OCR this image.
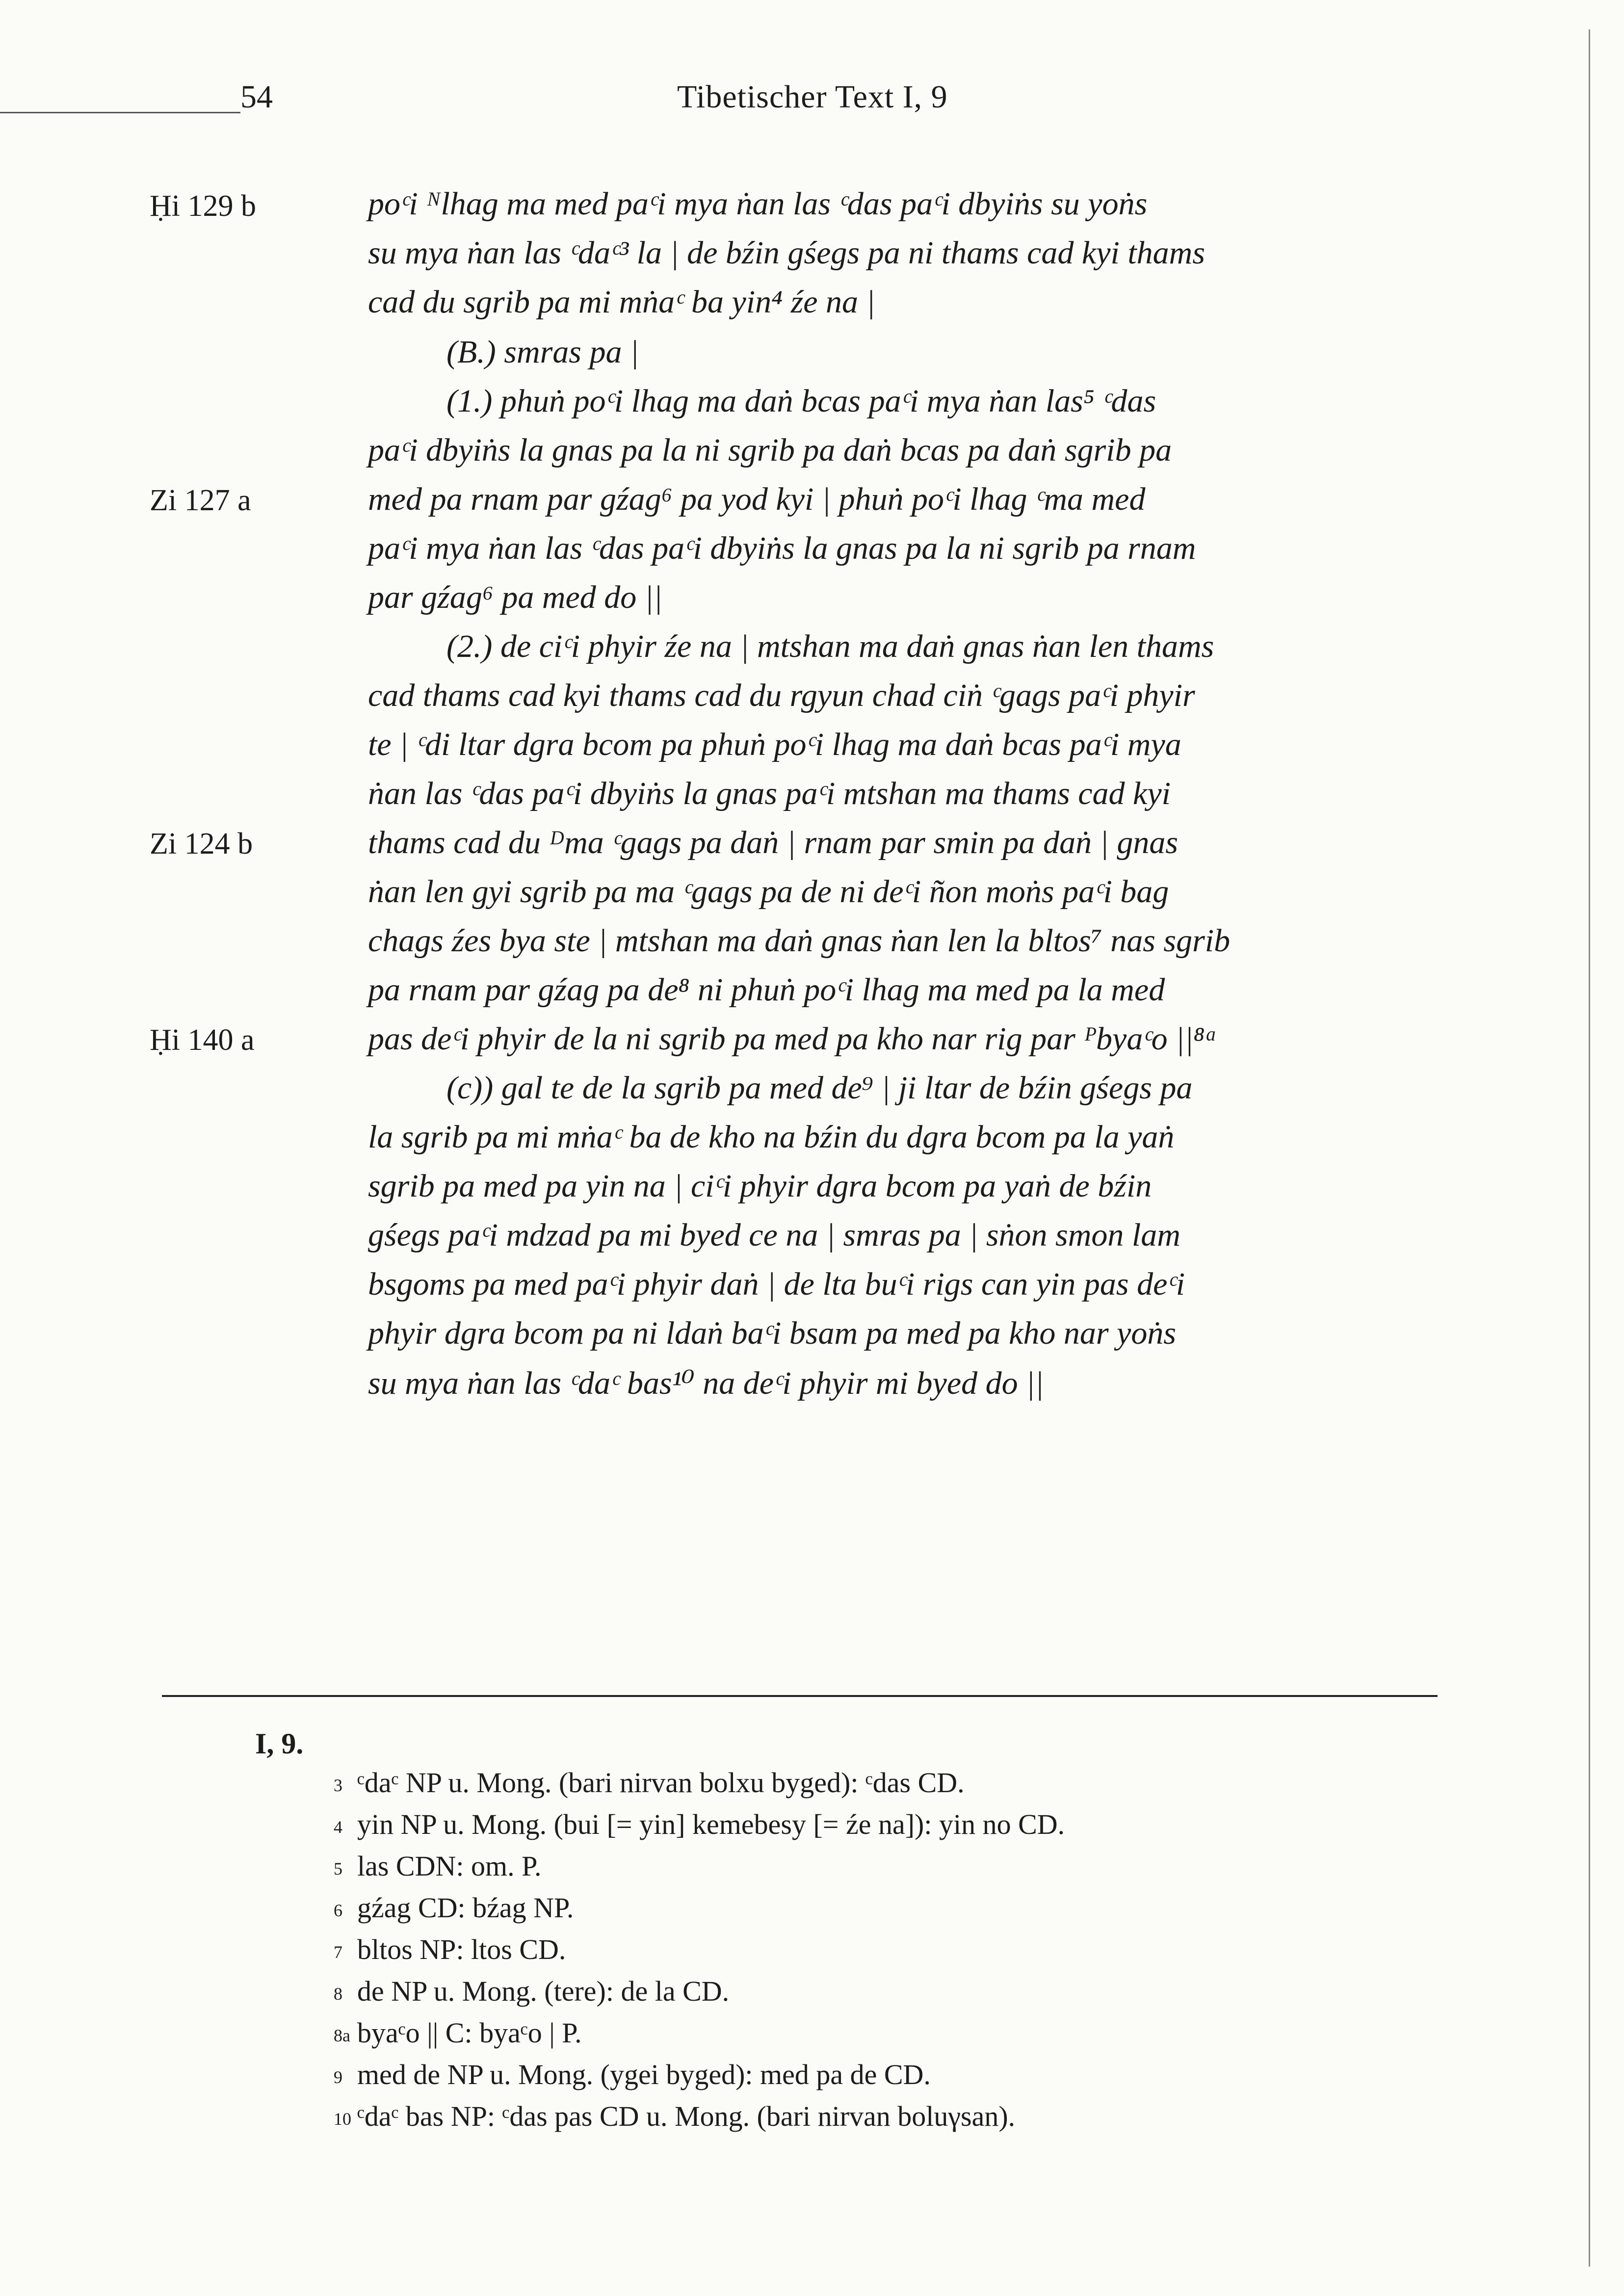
54	Tibetischer Text I, 9
Ḥi 129 b
Zi 127 a
Zi 124 b
Ḥi 140 a
poᶜi ᴺlhag ma med paᶜi mya ṅan las ᶜdas paᶜi dbyiṅs su yoṅs
su mya ṅan las ᶜdaᶜ³ la | de bźin gśegs pa ni thams cad kyi thams
cad du sgrib pa mi mṅaᶜ ba yin⁴ źe na |
(B.) smras pa |
(1.) phuṅ poᶜi lhag ma daṅ bcas paᶜi mya ṅan las⁵ ᶜdas
paᶜi dbyiṅs la gnas pa la ni sgrib pa daṅ bcas pa daṅ sgrib pa
med pa rnam par gźag⁶ pa yod kyi | phuṅ poᶜi lhag ᶜma med
paᶜi mya ṅan las ᶜdas paᶜi dbyiṅs la gnas pa la ni sgrib pa rnam
par gźag⁶ pa med do ||
(2.) de ciᶜi phyir źe na | mtshan ma daṅ gnas ṅan len thams
cad thams cad kyi thams cad du rgyun chad ciṅ ᶜgags paᶜi phyir
te | ᶜdi ltar dgra bcom pa phuṅ poᶜi lhag ma daṅ bcas paᶜi mya
ṅan las ᶜdas paᶜi dbyiṅs la gnas paᶜi mtshan ma thams cad kyi
thams cad du ᴰma ᶜgags pa daṅ | rnam par smin pa daṅ | gnas
ṅan len gyi sgrib pa ma ᶜgags pa de ni deᶜi ñon moṅs paᶜi bag
chags źes bya ste | mtshan ma daṅ gnas ṅan len la bltos⁷ nas sgrib
pa rnam par gźag pa de⁸ ni phuṅ poᶜi lhag ma med pa la med
pas deᶜi phyir de la ni sgrib pa med pa kho nar rig par ᴾbyaᶜo ||⁸ᵃ
(c)) gal te de la sgrib pa med de⁹ | ji ltar de bźin gśegs pa
la sgrib pa mi mṅaᶜ ba de kho na bźin du dgra bcom pa la yaṅ
sgrib pa med pa yin na | ciᶜi phyir dgra bcom pa yaṅ de bźin
gśegs paᶜi mdzad pa mi byed ce na | smras pa | sṅon smon lam
bsgoms pa med paᶜi phyir daṅ | de lta buᶜi rigs can yin pas deᶜi
phyir dgra bcom pa ni ldaṅ baᶜi bsam pa med pa kho nar yoṅs
su mya ṅan las ᶜdaᶜ bas¹⁰ na deᶜi phyir mi byed do ||
I, 9.
3 ᶜdaᶜ NP u. Mong. (bari nirvan bolxu byged): ᶜdas CD.
4 yin NP u. Mong. (bui [= yin] kemebesy [= źe na]): yin no CD.
5 las CDN: om. P.
6 gźag CD: bźag NP.
7 bltos NP: ltos CD.
8 de NP u. Mong. (tere): de la CD.
8a byaᶜo || C: byaᶜo | P.
9 med de NP u. Mong. (ygei byged): med pa de CD.
10 ᶜdaᶜ bas NP: ᶜdas pas CD u. Mong. (bari nirvan boluγsan).
